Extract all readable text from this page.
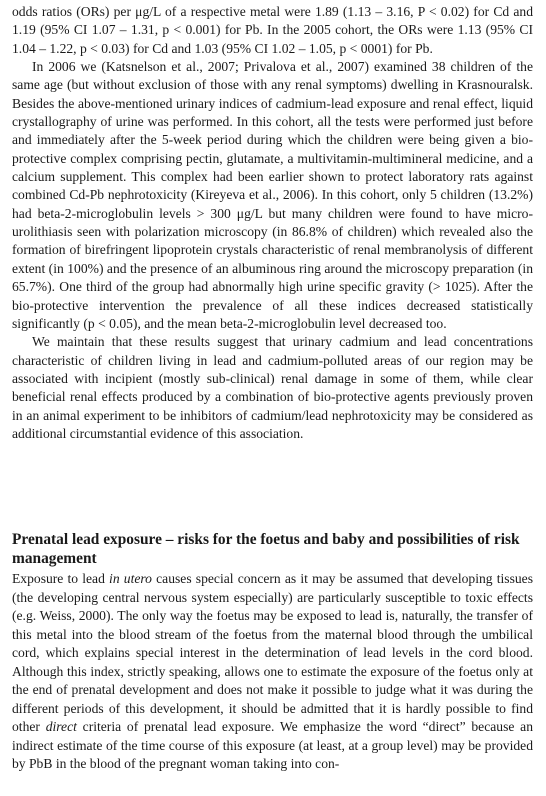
odds ratios (ORs) per μg/L of a respective metal were 1.89 (1.13 – 3.16, P < 0.02) for Cd and 1.19 (95% CI 1.07 – 1.31, p < 0.001) for Pb. In the 2005 cohort, the ORs were 1.13 (95% CI 1.04 – 1.22, p < 0.03) for Cd and 1.03 (95% CI 1.02 – 1.05, p < 0001) for Pb.

In 2006 we (Katsnelson et al., 2007; Privalova et al., 2007) examined 38 children of the same age (but without exclusion of those with any renal symptoms) dwelling in Krasnouralsk. Besides the above-mentioned urinary indices of cadmium-lead exposure and renal effect, liquid crystallography of urine was performed. In this cohort, all the tests were performed just before and immediately after the 5-week period during which the children were being given a bio-protective complex comprising pectin, glutamate, a multivitamin-multimineral medicine, and a calcium supplement. This complex had been earlier shown to protect laboratory rats against combined Cd-Pb nephrotoxicity (Kireyeva et al., 2006). In this cohort, only 5 children (13.2%) had beta-2-microglobulin levels > 300 μg/L but many children were found to have micro-urolithiasis seen with polarization microscopy (in 86.8% of children) which revealed also the formation of birefringent lipoprotein crystals characteristic of renal membranolysis of different extent (in 100%) and the presence of an albuminous ring around the microscopy preparation (in 65.7%). One third of the group had abnormally high urine specific gravity (> 1025). After the bio-protective intervention the prevalence of all these indices decreased statistically significantly (p < 0.05), and the mean beta-2-microglobulin level decreased too.

We maintain that these results suggest that urinary cadmium and lead concentrations characteristic of children living in lead and cadmium-polluted areas of our region may be associated with incipient (mostly sub-clinical) renal damage in some of them, while clear beneficial renal effects produced by a combination of bio-protective agents previously proven in an animal experiment to be inhibitors of cadmium/lead nephrotoxicity may be considered as additional circumstantial evidence of this association.

Prenatal lead exposure – risks for the foetus and baby and possibilities of risk management

Exposure to lead in utero causes special concern as it may be assumed that developing tissues (the developing central nervous system especially) are particularly susceptible to toxic effects (e.g. Weiss, 2000). The only way the foetus may be exposed to lead is, naturally, the transfer of this metal into the blood stream of the foetus from the maternal blood through the umbilical cord, which explains special interest in the determination of lead levels in the cord blood. Although this index, strictly speaking, allows one to estimate the exposure of the foetus only at the end of prenatal development and does not make it possible to judge what it was during the different periods of this development, it should be admitted that it is hardly possible to find other direct criteria of prenatal lead exposure. We emphasize the word “direct” because an indirect estimate of the time course of this exposure (at least, at a group level) may be provided by PbB in the blood of the pregnant woman taking into con-
